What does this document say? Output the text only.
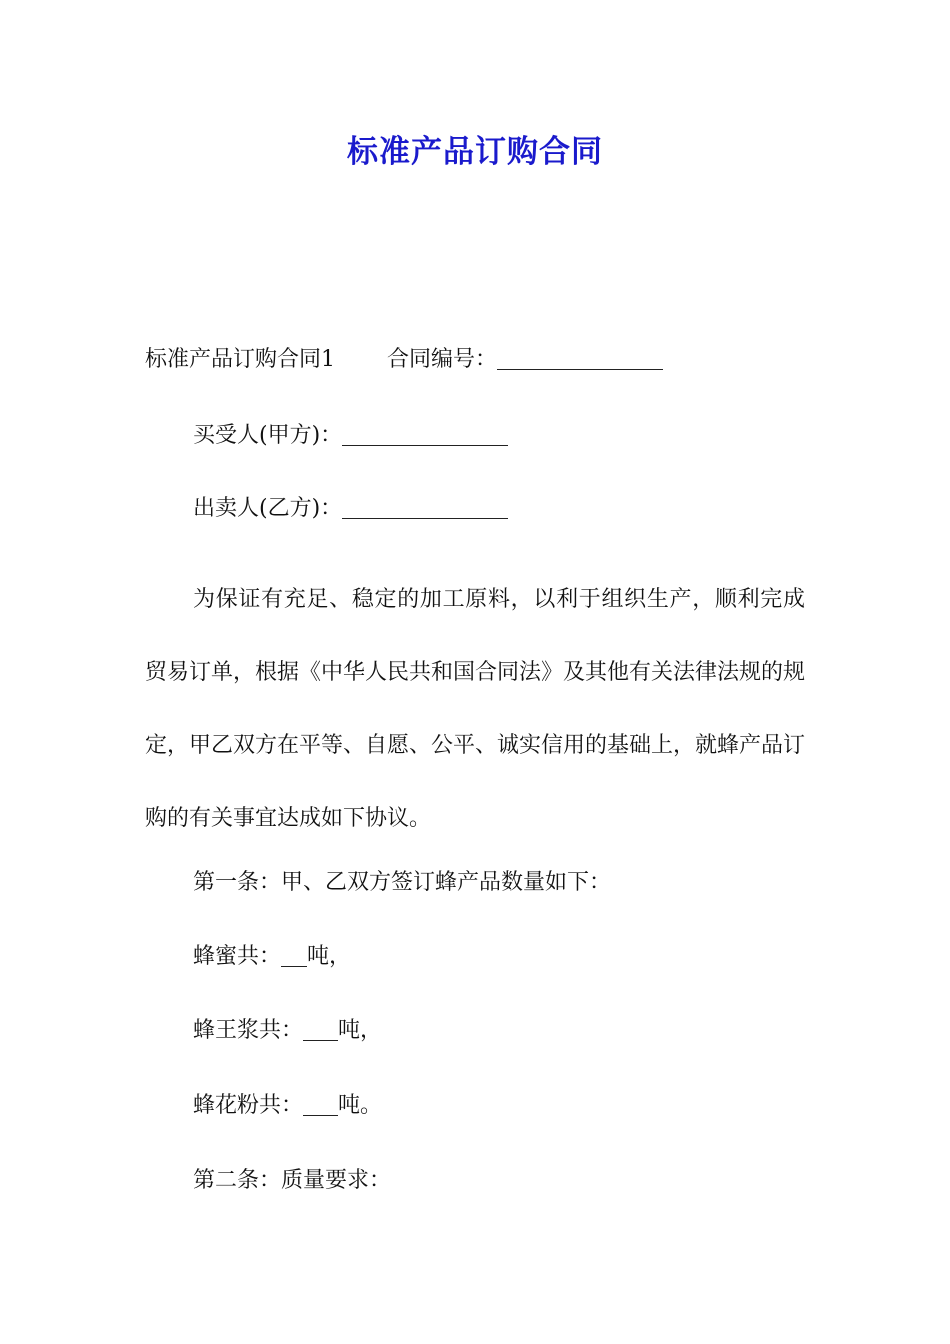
标准产品订购合同
标准产品订购合同1 合同编号：
买受人(甲方)：
出卖人(乙方)：
为保证有充足、稳定的加工原料，以利于组织生产，顺利完成贸易订单，根据《中华人民共和国合同法》及其他有关法律法规的规定，甲乙双方在平等、自愿、公平、诚实信用的基础上，就蜂产品订购的有关事宜达成如下协议。
第一条：甲、乙双方签订蜂产品数量如下：
蜂蜜共： 吨，
蜂王浆共： 吨，
蜂花粉共： 吨。
第二条：质量要求：
